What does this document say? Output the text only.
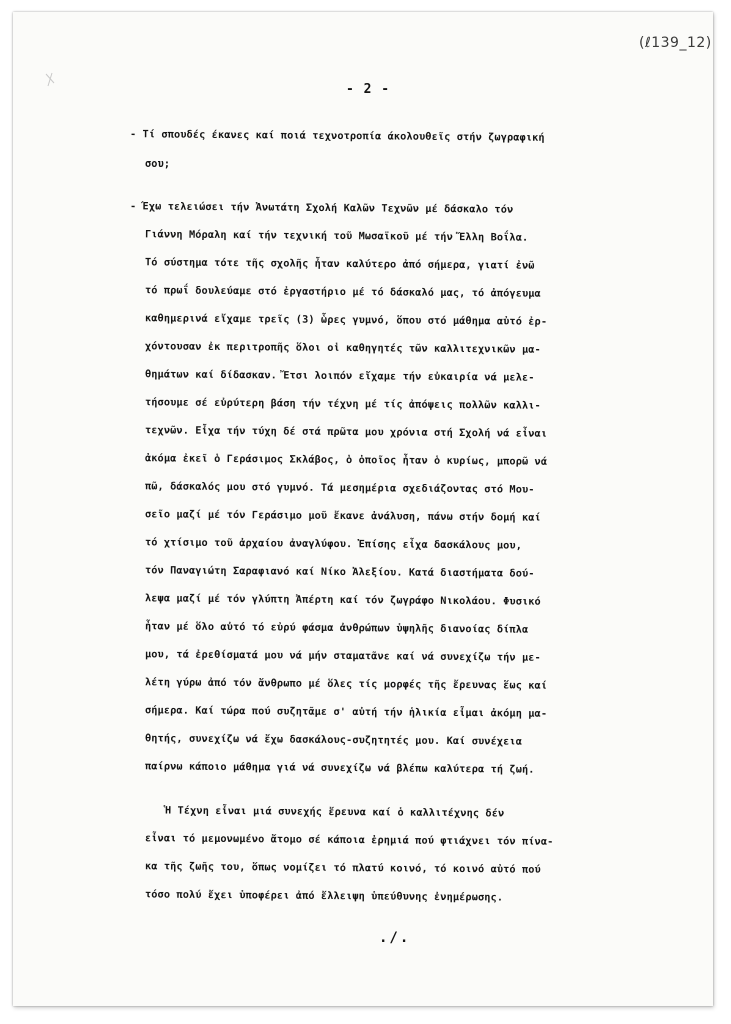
(ℓ139_12)
- 2 -
- Τί σπουδές έκανες καί ποιά τεχνοτροπία άκολουθεῖς στήν ζωγραφική
σου;
- Έχω τελειώσει τήν Ἀνωτάτη Σχολή Καλῶν Τεχνῶν μέ δάσκαλο τόν
Γιάννη Μόραλη καί τήν τεχνική τοῦ Μωσαϊκοῦ μέ τήν Ἔλλη Βοΐλα.
Τό σύστημα τότε τῆς σχολῆς ἦταν καλύτερο ἀπό σήμερα, γιατί ἐνῶ
τό πρωΐ δουλεύαμε στό ἐργαστήριο μέ τό δάσκαλό μας, τό ἀπόγευμα
καθημερινά εἴχαμε τρεῖς (3) ὧρες γυμνό, ὅπου στό μάθημα αὐτό ἐρ-
χόντουσαν ἐκ περιτροπῆς ὅλοι οἱ καθηγητές τῶν καλλιτεχνικῶν μα-
θημάτων καί δίδασκαν. Ἔτσι λοιπόν εἴχαμε τήν εὐκαιρία νά μελε-
τήσουμε σέ εὐρύτερη βάση τήν τέχνη μέ τίς ἀπόψεις πολλῶν καλλι-
τεχνῶν. Εἶχα τήν τύχη δέ στά πρῶτα μου χρόνια στή Σχολή νά εἶναι
ἀκόμα ἐκεῖ ὁ Γεράσιμος Σκλάβος, ὁ ὁποῖος ἦταν ὁ κυρίως, μπορῶ νά
πῶ, δάσκαλός μου στό γυμνό. Τά μεσημέρια σχεδιάζοντας στό Μου-
σεῖο μαζί μέ τόν Γεράσιμο μοῦ ἔκανε ἀνάλυση, πάνω στήν δομή καί
τό χτίσιμο τοῦ ἀρχαίου ἀναγλύφου. Ἐπίσης εἶχα δασκάλους μου,
τόν Παναγιώτη Σαραφιανό καί Νίκο Ἀλεξίου. Κατά διαστήματα δού-
λεψα μαζί μέ τόν γλύπτη Ἀπέρτη καί τόν ζωγράφο Νικολάου. Φυσικό
ἦταν μέ ὅλο αὐτό τό εὐρύ φάσμα ἀνθρώπων ὑψηλῆς διανοίας δίπλα
μου, τά ἐρεθίσματά μου νά μήν σταματᾶνε καί νά συνεχίζω τήν με-
λέτη γύρω ἀπό τόν ἄνθρωπο μέ ὅλες τίς μορφές τῆς ἔρευνας ἕως καί
σήμερα. Καί τώρα πού συζητᾶμε σ' αὐτή τήν ἡλικία εἶμαι ἀκόμη μα-
θητής, συνεχίζω νά ἔχω δασκάλους-συζητητές μου. Καί συνέχεια
παίρνω κάποιο μάθημα γιά νά συνεχίζω νά βλέπω καλύτερα τή ζωή.
Ἡ Τέχνη εἶναι μιά συνεχής ἔρευνα καί ὁ καλλιτέχνης δέν
εἶναι τό μεμονωμένο ἄτομο σέ κάποια ἐρημιά πού φτιάχνει τόν πίνα-
κα τῆς ζωῆς του, ὅπως νομίζει τό πλατύ κοινό, τό κοινό αὐτό πού
τόσο πολύ ἔχει ὑποφέρει ἀπό ἔλλειψη ὑπεύθυνης ἐνημέρωσης.
./.
